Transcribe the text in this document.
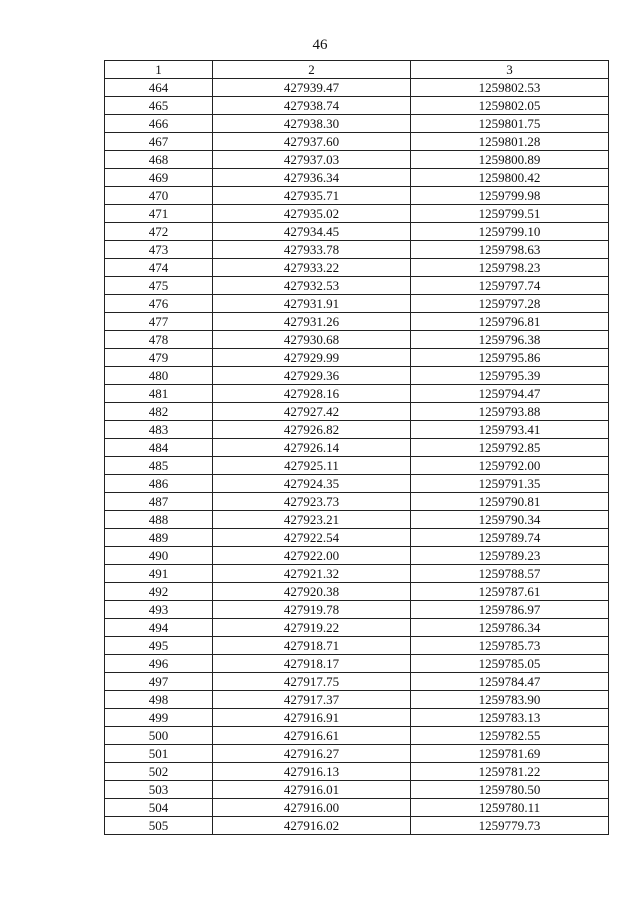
46
1	2	3
464	427939.47	1259802.53
465	427938.74	1259802.05
466	427938.30	1259801.75
467	427937.60	1259801.28
468	427937.03	1259800.89
469	427936.34	1259800.42
470	427935.71	1259799.98
471	427935.02	1259799.51
472	427934.45	1259799.10
473	427933.78	1259798.63
474	427933.22	1259798.23
475	427932.53	1259797.74
476	427931.91	1259797.28
477	427931.26	1259796.81
478	427930.68	1259796.38
479	427929.99	1259795.86
480	427929.36	1259795.39
481	427928.16	1259794.47
482	427927.42	1259793.88
483	427926.82	1259793.41
484	427926.14	1259792.85
485	427925.11	1259792.00
486	427924.35	1259791.35
487	427923.73	1259790.81
488	427923.21	1259790.34
489	427922.54	1259789.74
490	427922.00	1259789.23
491	427921.32	1259788.57
492	427920.38	1259787.61
493	427919.78	1259786.97
494	427919.22	1259786.34
495	427918.71	1259785.73
496	427918.17	1259785.05
497	427917.75	1259784.47
498	427917.37	1259783.90
499	427916.91	1259783.13
500	427916.61	1259782.55
501	427916.27	1259781.69
502	427916.13	1259781.22
503	427916.01	1259780.50
504	427916.00	1259780.11
505	427916.02	1259779.73
